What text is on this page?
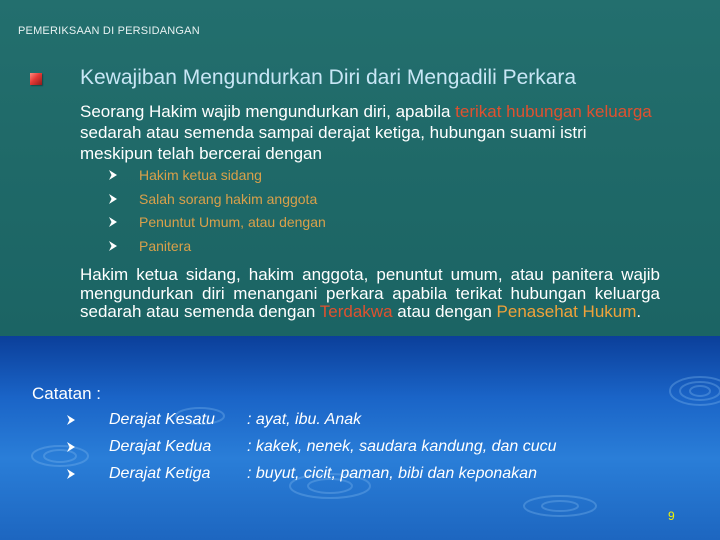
PEMERIKSAAN DI PERSIDANGAN
Kewajiban Mengundurkan Diri dari Mengadili Perkara
Seorang Hakim wajib mengundurkan diri, apabila terikat hubungan keluarga sedarah atau semenda sampai derajat ketiga, hubungan suami istri meskipun telah bercerai dengan
Hakim ketua sidang
Salah sorang hakim anggota
Penuntut Umum, atau dengan
Panitera
Hakim ketua sidang, hakim anggota, penuntut umum, atau panitera wajib mengundurkan diri menangani perkara apabila terikat hubungan keluarga sedarah atau semenda dengan Terdakwa atau dengan Penasehat Hukum.
Catatan :
Derajat Kesatu : ayat, ibu. Anak
Derajat Kedua : kakek, nenek, saudara kandung, dan cucu
Derajat Ketiga : buyut, cicit, paman, bibi dan keponakan
9
